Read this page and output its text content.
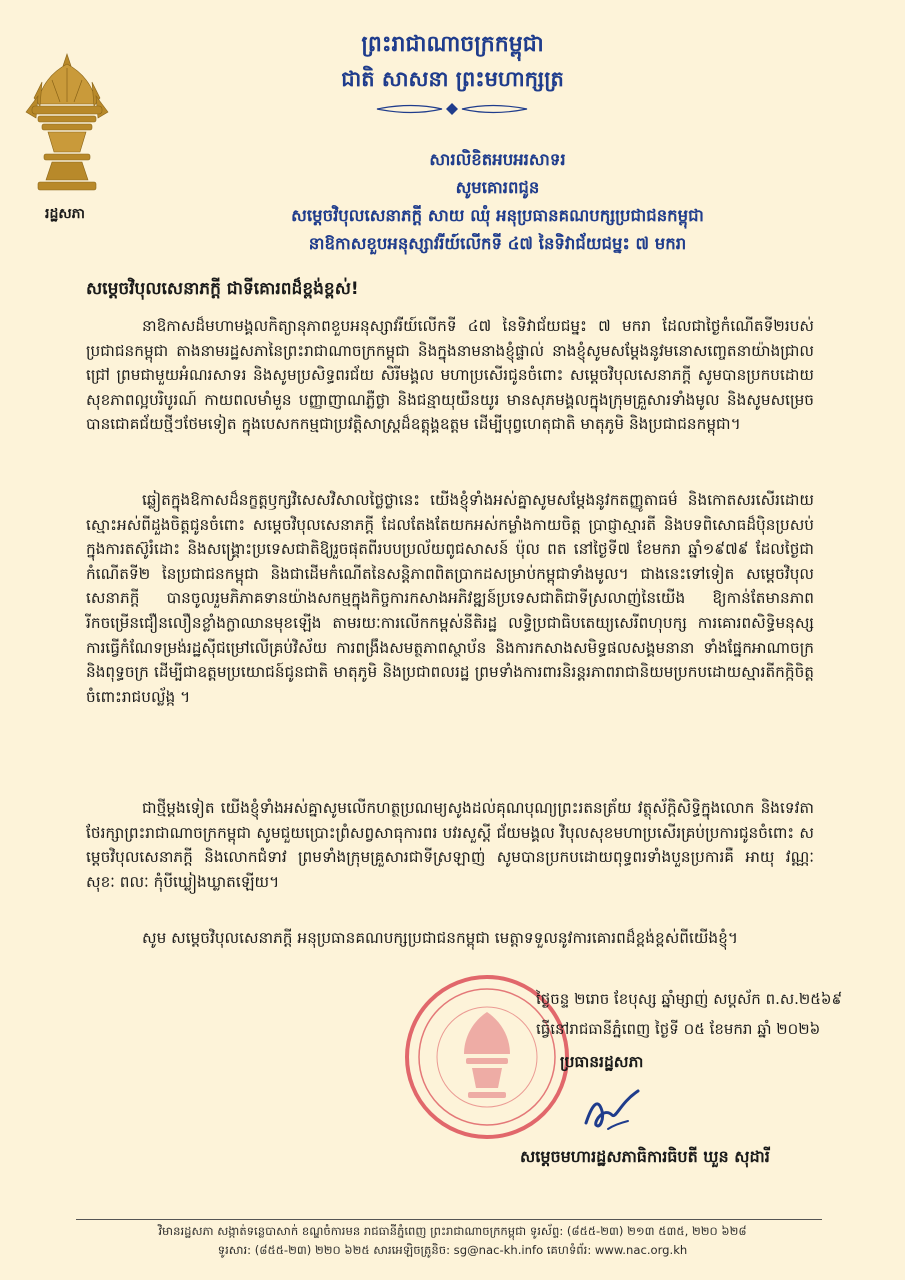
ព្រះរាជាណាចក្រកម្ពុជា
ជាតិ សាសនា ព្រះមហាក្សត្រ
រដ្ឋសភា
សារលិខិតអបអរសាទរ
សូមគោរពជូន
សម្តេចវិបុលសេនាភក្តី សាយ ឈុំ អនុប្រធានគណបក្សប្រជាជនកម្ពុជា
នាឱកាសខួបអនុស្សាវរីយ៍លើកទី ៤៧ នៃទិវាជ័យជម្នះ ៧ មករា
សម្តេចវិបុលសេនាភក្តី ជាទីគោរពដ៏ខ្ពង់ខ្ពស់!

នាឱកាសដ៏មហាមង្គលកិត្យានុភាពខួបអនុស្សាវរីយ៍លើកទី ៤៧ នៃទិវាជ័យជម្នះ ៧ មករា ដែលជាថ្ងៃកំណើតទី២របស់ប្រជាជនកម្ពុជា តាងនាមរដ្ឋសភានៃព្រះរាជាណាចក្រកម្ពុជា និងក្នុងនាមនាងខ្ញុំផ្ទាល់ នាងខ្ញុំសូមសម្តែងនូវមនោសញ្ចេតនាយ៉ាងជ្រាលជ្រៅ ព្រមជាមួយអំណរសាទរ និងសូមប្រសិទ្ធពរជ័យ សិរីមង្គល មហាប្រសើរជូនចំពោះ សម្តេចវិបុលសេនាភក្តី សូមបានប្រកបដោយសុខភាពល្អបរិបូរណ៍ កាយពលមាំមួន បញ្ញាញាណភ្លឺថ្លា និងជន្មាយុយឺនយូរ មានសុភមង្គលក្នុងក្រុមគ្រួសារទាំងមូល និងសូមសម្រេចបានជោគជ័យថ្មីៗថែមទៀត ក្នុងបេសកកម្មជាប្រវត្តិសាស្ត្រដ៏ឧត្តុង្គឧត្តម ដើម្បីបុព្វហេតុជាតិ មាតុភូមិ និងប្រជាជនកម្ពុជា។

ឆ្លៀតក្នុងឱកាសដ៏នក្ខត្តឫក្សវិសេសវិសាលថ្លៃថ្លានេះ យើងខ្ញុំទាំងអស់គ្នាសូមសម្តែងនូវកតញ្ញូតាធម៌ និងកោតសរសើរដោយស្មោះអស់ពីដួងចិត្តជូនចំពោះ សម្តេចវិបុលសេនាភក្តី ដែលតែងតែយកអស់កម្លាំងកាយចិត្ត ប្រាជ្ញាស្មារតី និងបទពិសោធដ៏ប៉ិនប្រសប់ ក្នុងការតស៊ូរំដោះ និងសង្គ្រោះប្រទេសជាតិឱ្យរួចផុតពីរបបប្រល័យពូជសាសន៍ ប៉ុល ពត នៅថ្ងៃទី៧ ខែមករា ឆ្នាំ១៩៧៩ ដែលថ្ងៃជាកំណើតទី២ នៃប្រជាជនកម្ពុជា និងជាដើមកំណើតនៃសន្តិភាពពិតប្រាកដសម្រាប់កម្ពុជាទាំងមូល។ ជាងនេះទៅទៀត សម្តេចវិបុលសេនាភក្តី បានចូលរួមភិភាគទានយ៉ាងសកម្មក្នុងកិច្ចការកសាងអភិវឌ្ឍន៍ប្រទេសជាតិជាទីស្រលាញ់នៃយើង ឱ្យកាន់តែមានភាពរីកចម្រើនជឿនលឿនខ្លាំងក្លាឈានមុខឡើង តាមរយៈការលើកកម្ពស់នីតិរដ្ឋ លទ្ធិប្រជាធិបតេយ្យសេរីពហុបក្ស ការគោរពសិទ្ធិមនុស្ស ការធ្វើកំណែទម្រង់រដ្ឋស៊ីជម្រៅលើគ្រប់វិស័យ ការពង្រឹងសមត្ថភាពស្ថាប័ន និងការកសាងសមិទ្ធផលសង្គមនានា ទាំងផ្នែកអាណាចក្រ និងពុទ្ធចក្រ ដើម្បីជាឧត្តមប្រយោជន៍ជូនជាតិ មាតុភូមិ និងប្រជាពលរដ្ឋ ព្រមទាំងការពារនិរន្តរភាពរាជានិយមប្រកបដោយស្មារតីកក្កិចិត្តចំពោះរាជបល្ល័ង្ក ។

ជាថ្មីម្តងទៀត យើងខ្ញុំទាំងអស់គ្នាសូមលើកហត្ថប្រណម្យសូងដល់គុណបុណ្យព្រះរតនត្រ័យ វត្ថុស័ក្តិសិទ្ធិក្នុងលោក និងទេវតាថែរក្សាព្រះរាជាណាចក្រកម្ពុជា សូមជួយប្រោះព្រំសព្វសាធុការពរ បវរសួស្តី ជ័យមង្គល វិបុលសុខមហាប្រសើរគ្រប់ប្រការជូនចំពោះ សម្តេចវិបុលសេនាភក្តី និងលោកជំទាវ ព្រមទាំងក្រុមគ្រួសារជាទីស្រឡាញ់ សូមបានប្រកបដោយពុទ្ធពរទាំងបួនប្រការគឺ អាយុ វណ្ណៈ សុខៈ ពលៈ កុំបីឃ្លៀងឃ្លាតឡើយ។

សូម សម្តេចវិបុលសេនាភក្តី អនុប្រធានគណបក្សប្រជាជនកម្ពុជា មេត្តាទទួលនូវការគោរពដ៏ខ្ពង់ខ្ពស់ពីយើងខ្ញុំ។

ថ្ងៃចន្ទ ២រោច ខែបុស្ស ឆ្នាំម្សាញ់ សប្តស័ក ព.ស.២៥៦៩
ធ្វើនៅរាជធានីភ្នំពេញ ថ្ងៃទី ០៥ ខែមករា ឆ្នាំ ២០២៦
ប្រធានរដ្ឋសភា
សម្តេចមហារដ្ឋសភាធិការធិបតី ឃួន សុដារី
វិមានរដ្ឋសភា សង្កាត់ទន្លេបាសាក់ ខណ្ឌចំការមន រាជធានីភ្នំពេញ ព្រះរាជាណាចក្រកម្ពុជា ទូរស័ព្ទ: (៨៥៥-២៣) ២១៣ ៥៣៥, ២២០ ៦២៨
ទូរសារ: (៨៥៥-២៣) ២២០ ៦២៥ សារអេឡិចត្រូនិច: sg@nac-kh.info គេហទំព័រ: www.nac.org.kh
